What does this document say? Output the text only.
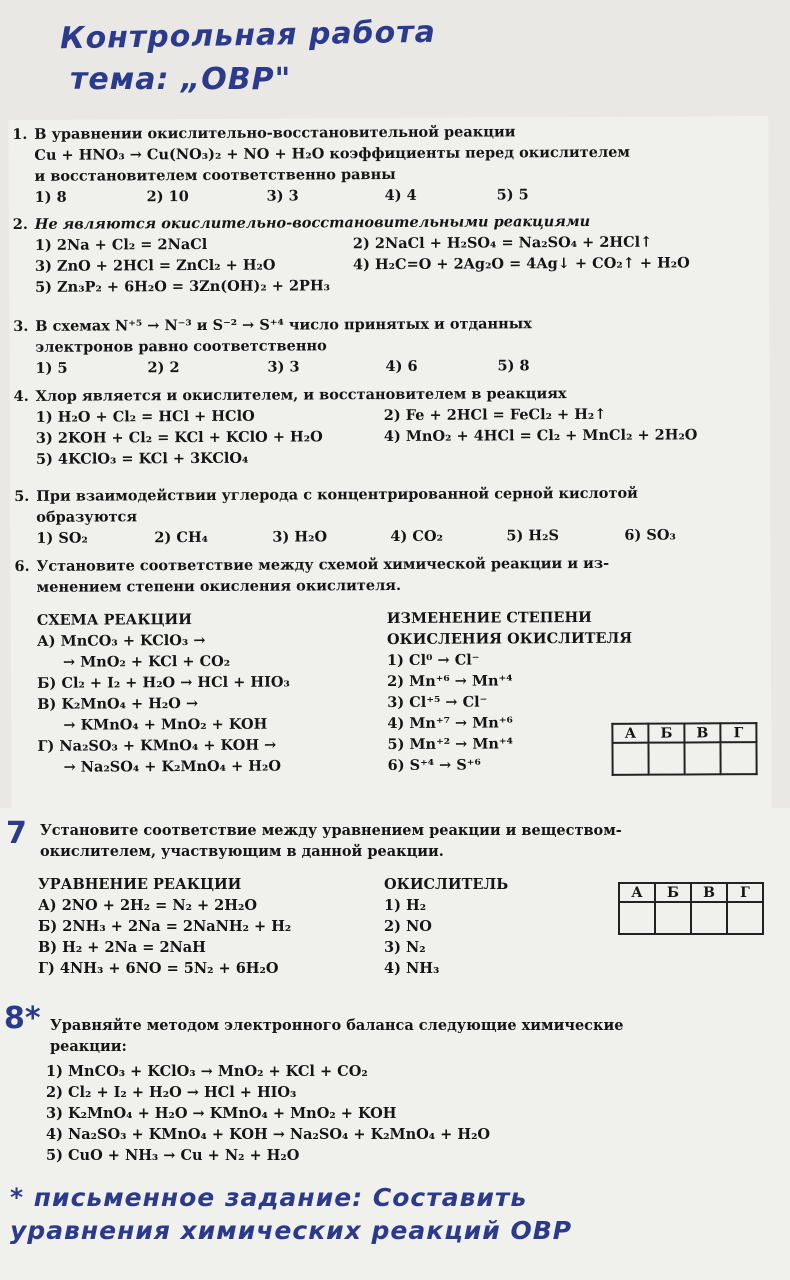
Контрольная работа
тема: „ОВР"
1. В уравнении окислительно-восстановительной реакции
Cu + HNO₃ → Cu(NO₃)₂ + NO + H₂O коэффициенты перед окислителем
и восстановителем соответственно равны
1) 8	2) 10	3) 3	4) 4	5) 5
2. Не являются окислительно-восстановительными реакциями
1) 2Na + Cl₂ = 2NaCl	2) 2NaCl + H₂SO₄ = Na₂SO₄ + 2HCl↑
3) ZnO + 2HCl = ZnCl₂ + H₂O	4) H₂C=O + 2Ag₂O = 4Ag↓ + CO₂↑ + H₂O
5) Zn₃P₂ + 6H₂O = 3Zn(OH)₂ + 2PH₃
3. В схемах N⁺⁵ → N⁻³ и S⁻² → S⁺⁴ число принятых и отданных
электронов равно соответственно
1) 5	2) 2	3) 3	4) 6	5) 8
4. Хлор является и окислителем, и восстановителем в реакциях
1) H₂O + Cl₂ = HCl + HClO	2) Fe + 2HCl = FeCl₂ + H₂↑
3) 2KOH + Cl₂ = KCl + KClO + H₂O	4) MnO₂ + 4HCl = Cl₂ + MnCl₂ + 2H₂O
5) 4KClO₃ = KCl + 3KClO₄
5. При взаимодействии углерода с концентрированной серной кислотой
образуются
1) SO₂	2) CH₄	3) H₂O	4) CO₂	5) H₂S	6) SO₃
6. Установите соответствие между схемой химической реакции и из-
менением степени окисления окислителя.
СХЕМА РЕАКЦИИ
А) MnCO₃ + KClO₃ →
→ MnO₂ + KCl + CO₂
Б) Cl₂ + I₂ + H₂O → HCl + HIO₃
В) K₂MnO₄ + H₂O →
→ KMnO₄ + MnO₂ + KOH
Г) Na₂SO₃ + KMnO₄ + KOH →
→ Na₂SO₄ + K₂MnO₄ + H₂O
ИЗМЕНЕНИЕ СТЕПЕНИ
ОКИСЛЕНИЯ ОКИСЛИТЕЛЯ
1) Cl⁰ → Cl⁻
2) Mn⁺⁶ → Mn⁺⁴
3) Cl⁺⁵ → Cl⁻
4) Mn⁺⁷ → Mn⁺⁶
5) Mn⁺² → Mn⁺⁴
6) S⁺⁴ → S⁺⁶
А	Б	В	Г

7 Установите соответствие между уравнением реакции и веществом-
окислителем, участвующим в данной реакции.
УРАВНЕНИЕ РЕАКЦИИ
А) 2NO + 2H₂ = N₂ + 2H₂O
Б) 2NH₃ + 2Na = 2NaNH₂ + H₂
В) H₂ + 2Na = 2NaH
Г) 4NH₃ + 6NO = 5N₂ + 6H₂O
ОКИСЛИТЕЛЬ
1) H₂
2) NO
3) N₂
4) NH₃
А	Б	В	Г

8* Уравняйте методом электронного баланса следующие химические
реакции:
1) MnCO₃ + KClO₃ → MnO₂ + KCl + CO₂
2) Cl₂ + I₂ + H₂O → HCl + HIO₃
3) K₂MnO₄ + H₂O → KMnO₄ + MnO₂ + KOH
4) Na₂SO₃ + KMnO₄ + KOH → Na₂SO₄ + K₂MnO₄ + H₂O
5) CuO + NH₃ → Cu + N₂ + H₂O
* письменное задание: Составить
уравнения химических реакций ОВР
